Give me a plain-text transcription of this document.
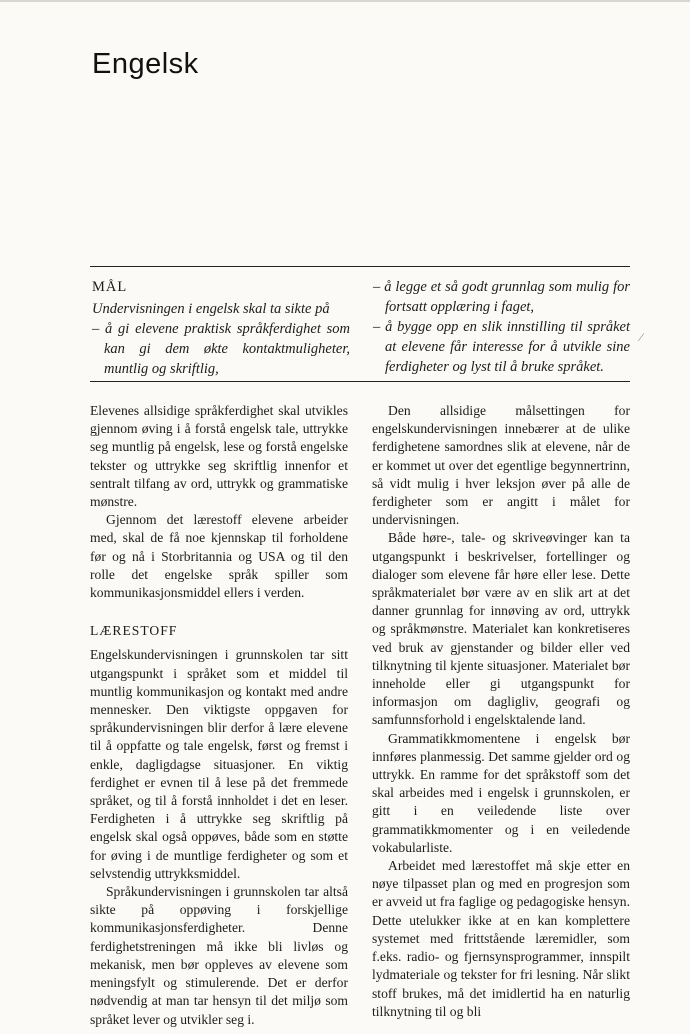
Engelsk
MÅL
Undervisningen i engelsk skal ta sikte på
– å gi elevene praktisk språkferdighet som kan gi dem økte kontaktmuligheter, muntlig og skriftlig,
– å legge et så godt grunnlag som mulig for fortsatt opplæring i faget,
– å bygge opp en slik innstilling til språket at elevene får interesse for å utvikle sine ferdigheter og lyst til å bruke språket.
⁄

Elevenes allsidige språkferdighet skal utvikles gjennom øving i å forstå engelsk tale, uttrykke seg muntlig på engelsk, lese og forstå engelske tekster og uttrykke seg skriftlig innenfor et sentralt tilfang av ord, uttrykk og grammatiske mønstre.

Gjennom det lærestoff elevene arbeider med, skal de få noe kjennskap til forholdene før og nå i Storbritannia og USA og til den rolle det engelske språk spiller som kommunikasjonsmiddel ellers i verden.

LÆRESTOFF

Engelskundervisningen i grunnskolen tar sitt utgangspunkt i språket som et middel til muntlig kommunikasjon og kontakt med andre mennesker. Den viktigste oppgaven for språkundervisningen blir derfor å lære elevene til å oppfatte og tale engelsk, først og fremst i enkle, dagligdagse situasjoner. En viktig ferdighet er evnen til å lese på det fremmede språket, og til å forstå innholdet i det en leser. Ferdigheten i å uttrykke seg skriftlig på engelsk skal også oppøves, både som en støtte for øving i de muntlige ferdigheter og som et selvstendig uttrykksmiddel.

Språkundervisningen i grunnskolen tar altså sikte på oppøving i forskjellige kommunikasjonsferdigheter. Denne ferdighetstreningen må ikke bli livløs og mekanisk, men bør oppleves av elevene som meningsfylt og stimulerende. Det er derfor nødvendig at man tar hensyn til det miljø som språket lever og utvikler seg i.

Den allsidige målsettingen for engelskundervisningen innebærer at de ulike ferdighetene samordnes slik at elevene, når de er kommet ut over det egentlige begynnertrinn, så vidt mulig i hver leksjon øver på alle de ferdigheter som er angitt i målet for undervisningen.

Både høre-, tale- og skriveøvinger kan ta utgangspunkt i beskrivelser, fortellinger og dialoger som elevene får høre eller lese. Dette språkmaterialet bør være av en slik art at det danner grunnlag for innøving av ord, uttrykk og språkmønstre. Materialet kan konkretiseres ved bruk av gjenstander og bilder eller ved tilknytning til kjente situasjoner. Materialet bør inneholde eller gi utgangspunkt for informasjon om dagligliv, geografi og samfunnsforhold i engelsktalende land.

Grammatikkmomentene i engelsk bør innføres planmessig. Det samme gjelder ord og uttrykk. En ramme for det språkstoff som det skal arbeides med i engelsk i grunnskolen, er gitt i en veiledende liste over grammatikkmomenter og i en veiledende vokabularliste.

Arbeidet med lærestoffet må skje etter en nøye tilpasset plan og med en progresjon som er avveid ut fra faglige og pedagogiske hensyn. Dette utelukker ikke at en kan komplettere systemet med frittstående læremidler, som f.eks. radio- og fjernsynsprogrammer, innspilt lydmateriale og tekster for fri lesning. Når slikt stoff brukes, må det imidlertid ha en naturlig tilknytning til og bli
